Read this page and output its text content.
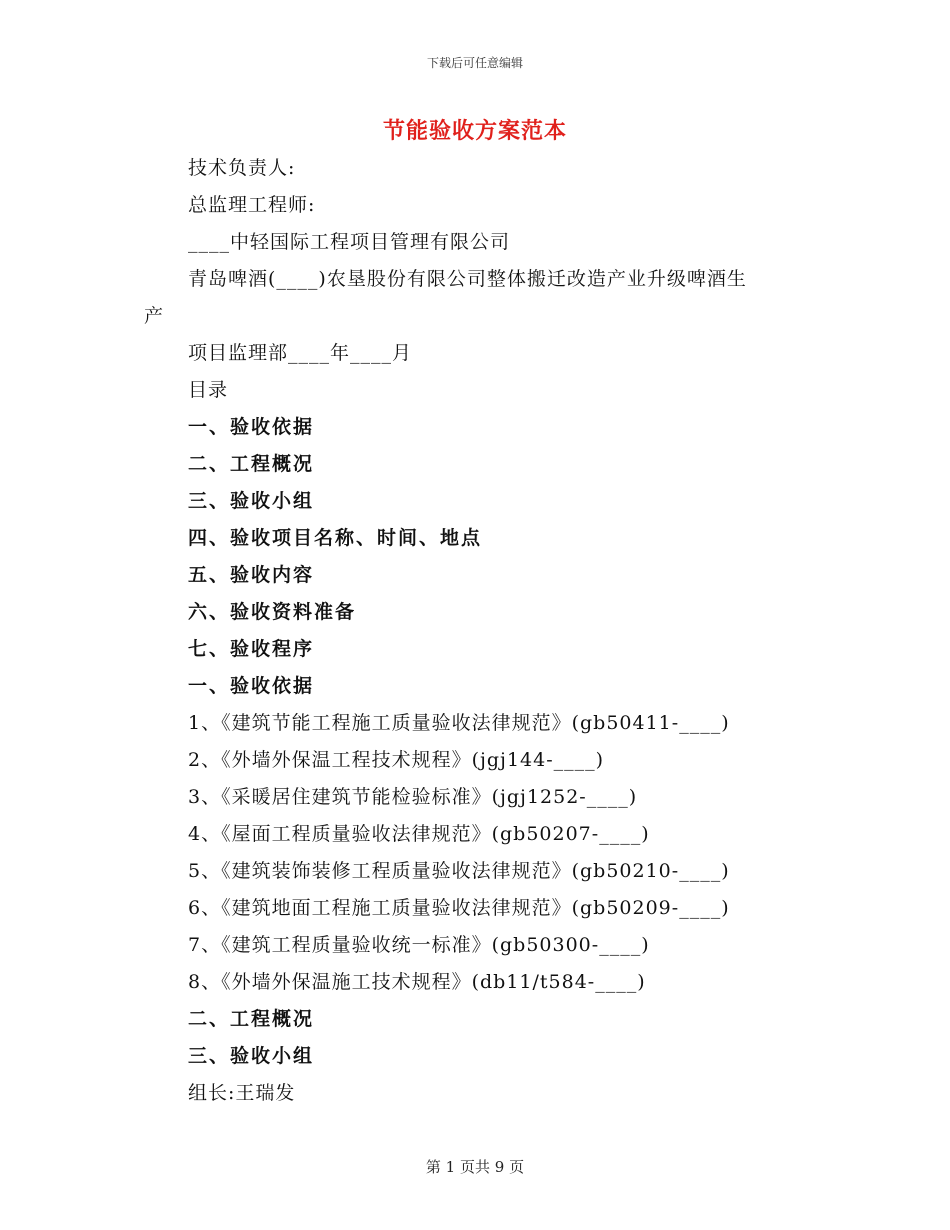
下载后可任意编辑
节能验收方案范本
技术负责人:
总监理工程师:
____中轻国际工程项目管理有限公司
青岛啤酒(____)农垦股份有限公司整体搬迁改造产业升级啤酒生
产
项目监理部____年____月
目录
一、验收依据
二、工程概况
三、验收小组
四、验收项目名称、时间、地点
五、验收内容
六、验收资料准备
七、验收程序
一、验收依据
1、《建筑节能工程施工质量验收法律规范》(gb50411-____)
2、《外墙外保温工程技术规程》(jgj144-____)
3、《采暖居住建筑节能检验标准》(jgj1252-____)
4、《屋面工程质量验收法律规范》(gb50207-____)
5、《建筑装饰装修工程质量验收法律规范》(gb50210-____)
6、《建筑地面工程施工质量验收法律规范》(gb50209-____)
7、《建筑工程质量验收统一标准》(gb50300-____)
8、《外墙外保温施工技术规程》(db11/t584-____)
二、工程概况
三、验收小组
组长:王瑞发
第 1 页共 9 页
